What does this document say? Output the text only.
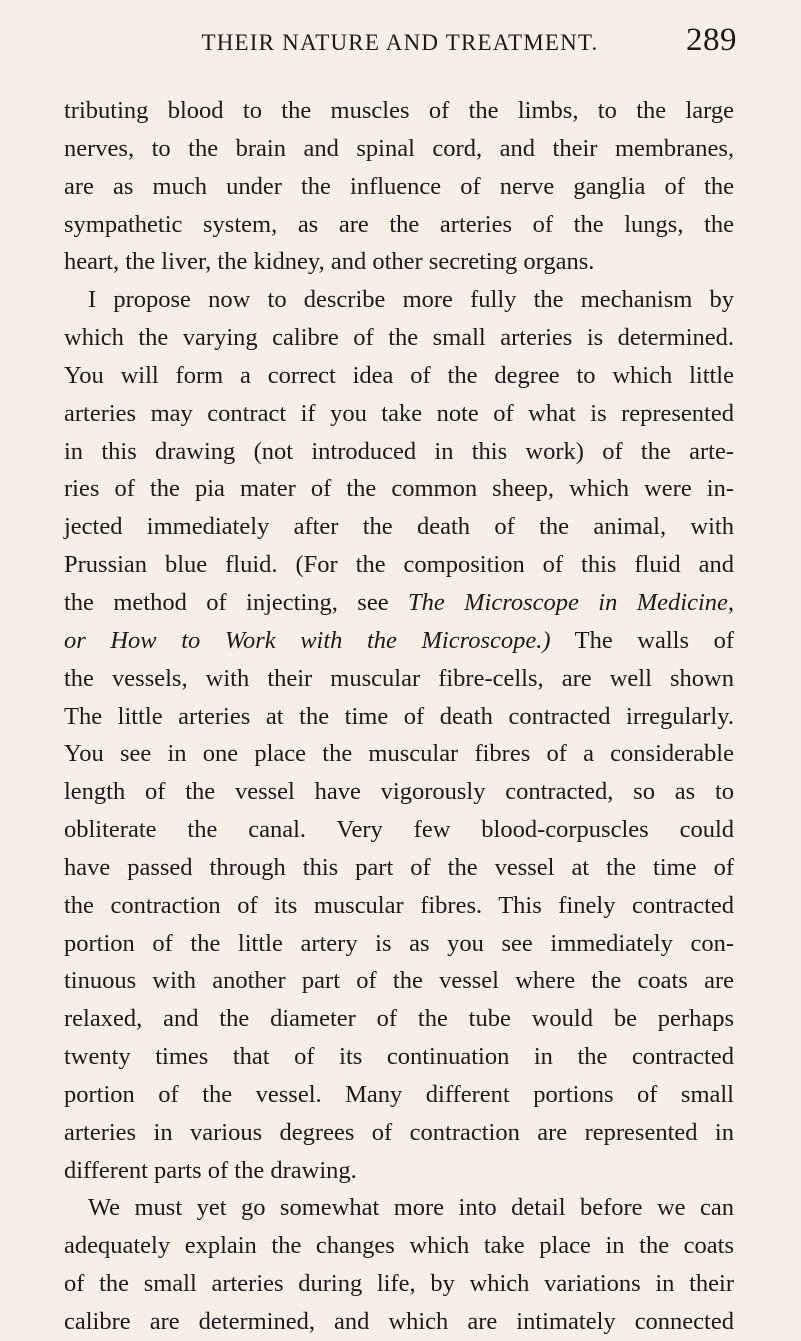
THEIR NATURE AND TREATMENT.	289
tributing blood to the muscles of the limbs, to the large
nerves, to the brain and spinal cord, and their membranes,
are as much under the influence of nerve ganglia of the
sympathetic system, as are the arteries of the lungs, the
heart, the liver, the kidney, and other secreting organs.
I propose now to describe more fully the mechanism by
which the varying calibre of the small arteries is determined.
You will form a correct idea of the degree to which little
arteries may contract if you take note of what is represented
in this drawing (not introduced in this work) of the arte-
ries of the pia mater of the common sheep, which were in-
jected immediately after the death of the animal, with
Prussian blue fluid. (For the composition of this fluid and
the method of injecting, see The Microscope in Medicine,
or How to Work with the Microscope.) The walls of
the vessels, with their muscular fibre-cells, are well shown
The little arteries at the time of death contracted irregularly.
You see in one place the muscular fibres of a considerable
length of the vessel have vigorously contracted, so as to
obliterate the canal. Very few blood-corpuscles could
have passed through this part of the vessel at the time of
the contraction of its muscular fibres. This finely contracted
portion of the little artery is as you see immediately con-
tinuous with another part of the vessel where the coats are
relaxed, and the diameter of the tube would be perhaps
twenty times that of its continuation in the contracted
portion of the vessel. Many different portions of small
arteries in various degrees of contraction are represented in
different parts of the drawing.
We must yet go somewhat more into detail before we can
adequately explain the changes which take place in the coats
of the small arteries during life, by which variations in their
calibre are determined, and which are intimately connected
